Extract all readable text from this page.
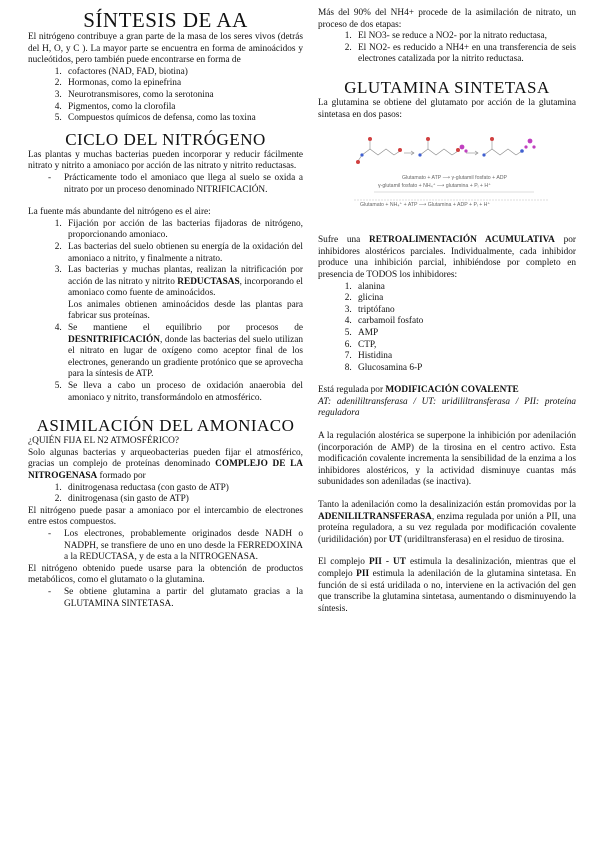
SÍNTESIS DE AA

El nitrógeno contribuye a gran parte de la masa de los seres vivos (detrás del H, O, y C ). La mayor parte se encuentra en forma de aminoácidos y nucleótidos, pero también puede encontrarse en forma de

1. cofactores (NAD, FAD, biotina)
2. Hormonas, como la epinefrina
3. Neurotransmisores, como la serotonina
4. Pigmentos, como la clorofila
5. Compuestos químicos de defensa, como las toxina
CICLO DEL NITRÓGENO

Las plantas y muchas bacterias pueden incorporar y reducir fácilmente nitrato y nitrito a amoniaco por acción de las nitrato y nitrito reductasas.

- Prácticamente todo el amoniaco que llega al suelo se oxida a nitrato por un proceso denominado NITRIFICACIÓN.

La fuente más abundante del nitrógeno es el aire:

1. Fijación por acción de las bacterias fijadoras de nitrógeno, proporcionando amoniaco.
2. Las bacterias del suelo obtienen su energía de la oxidación del amoniaco a nitrito, y finalmente a nitrato.
3. Las bacterias y muchas plantas, realizan la nitrificación por acción de las nitrato y nitrito REDUCTASAS, incorporando el amoniaco como fuente de aminoácidos.
Los animales obtienen aminoácidos desde las plantas para fabricar sus proteínas.
4. Se mantiene el equilibrio por procesos de DESNITRIFICACIÓN, donde las bacterias del suelo utilizan el nitrato en lugar de oxígeno como aceptor final de los electrones, generando un gradiente protónico que se aprovecha para la síntesis de ATP.
5. Se lleva a cabo un proceso de oxidación anaerobia del amoniaco y nitrito, transformándolo en atmosférico.
ASIMILACIÓN DEL AMONIACO

¿QUIÉN FIJA EL N2 ATMOSFÉRICO?

Solo algunas bacterias y arqueobacterias pueden fijar el atmosférico, gracias un complejo de proteínas denominado COMPLEJO DE LA NITROGENASA formado por

1. dinitrogenasa reductasa (con gasto de ATP)
2. dinitrogenasa (sin gasto de ATP)

El nitrógeno puede pasar a amoniaco por el intercambio de electrones entre estos compuestos.

- Los electrones, probablemente originados desde NADH o NADPH, se transfiere de uno en uno desde la FERREDOXINA a la REDUCTASA, y de esta a la NITROGENASA.

El nitrógeno obtenido puede usarse para la obtención de productos metabólicos, como el glutamato o la glutamina.

- Se obtiene glutamina a partir del glutamato gracias a la GLUTAMINA SINTETASA.

Más del 90% del NH4+ procede de la asimilación de nitrato, un proceso de dos etapas:

1. El NO3- se reduce a NO2- por la nitrato reductasa,
2. El NO2- es reducido a NH4+ en una transferencia de seis electrones catalizada por la nitrito reductasa.
GLUTAMINA SINTETASA

La glutamina se obtiene del glutamato por acción de la glutamina sintetasa en dos pasos:

Glutamato + ATP ⟶ γ-glutamil fosfato + ADP
γ-glutamil fosfato + NH₄⁺ ⟶ glutamina + Pᵢ + H⁺
Glutamato + NH₄⁺ + ATP ⟶ Glutamina + ADP + Pᵢ + H⁺

Sufre una RETROALIMENTACIÓN ACUMULATIVA por inhibidores alostéricos parciales. Individualmente, cada inhibidor produce una inhibición parcial, inhibiéndose por completo en presencia de TODOS los inhibidores:

1. alanina
2. glicina
3. triptófano
4. carbamoil fosfato
5. AMP
6. CTP,
7. Histidina
8. Glucosamina 6-P

Está regulada por MODIFICACIÓN COVALENTE
AT: adenililtransferasa / UT: uridililtransferasa / PII: proteína reguladora

A la regulación alostérica se superpone la inhibición por adenilación (incorporación de AMP) de la tirosina en el centro activo. Esta modificación covalente incrementa la sensibilidad de la enzima a los inhibidores alostéricos, y la actividad disminuye cuantas más subunidades son adeniladas (se inactiva).

Tanto la adenilación como la desalinización están promovidas por la ADENILILTRANSFERASA, enzima regulada por unión a PII, una proteína reguladora, a su vez regulada por modificación covalente (uridilidación) por UT (uridiltransferasa) en el residuo de tirosina.

El complejo PII - UT estimula la desalinización, mientras que el complejo PII estimula la adenilación de la glutamina sintetasa. En función de si está uridilada o no, interviene en la activación del gen que transcribe la glutamina sintetasa, aumentando o disminuyendo la síntesis.
